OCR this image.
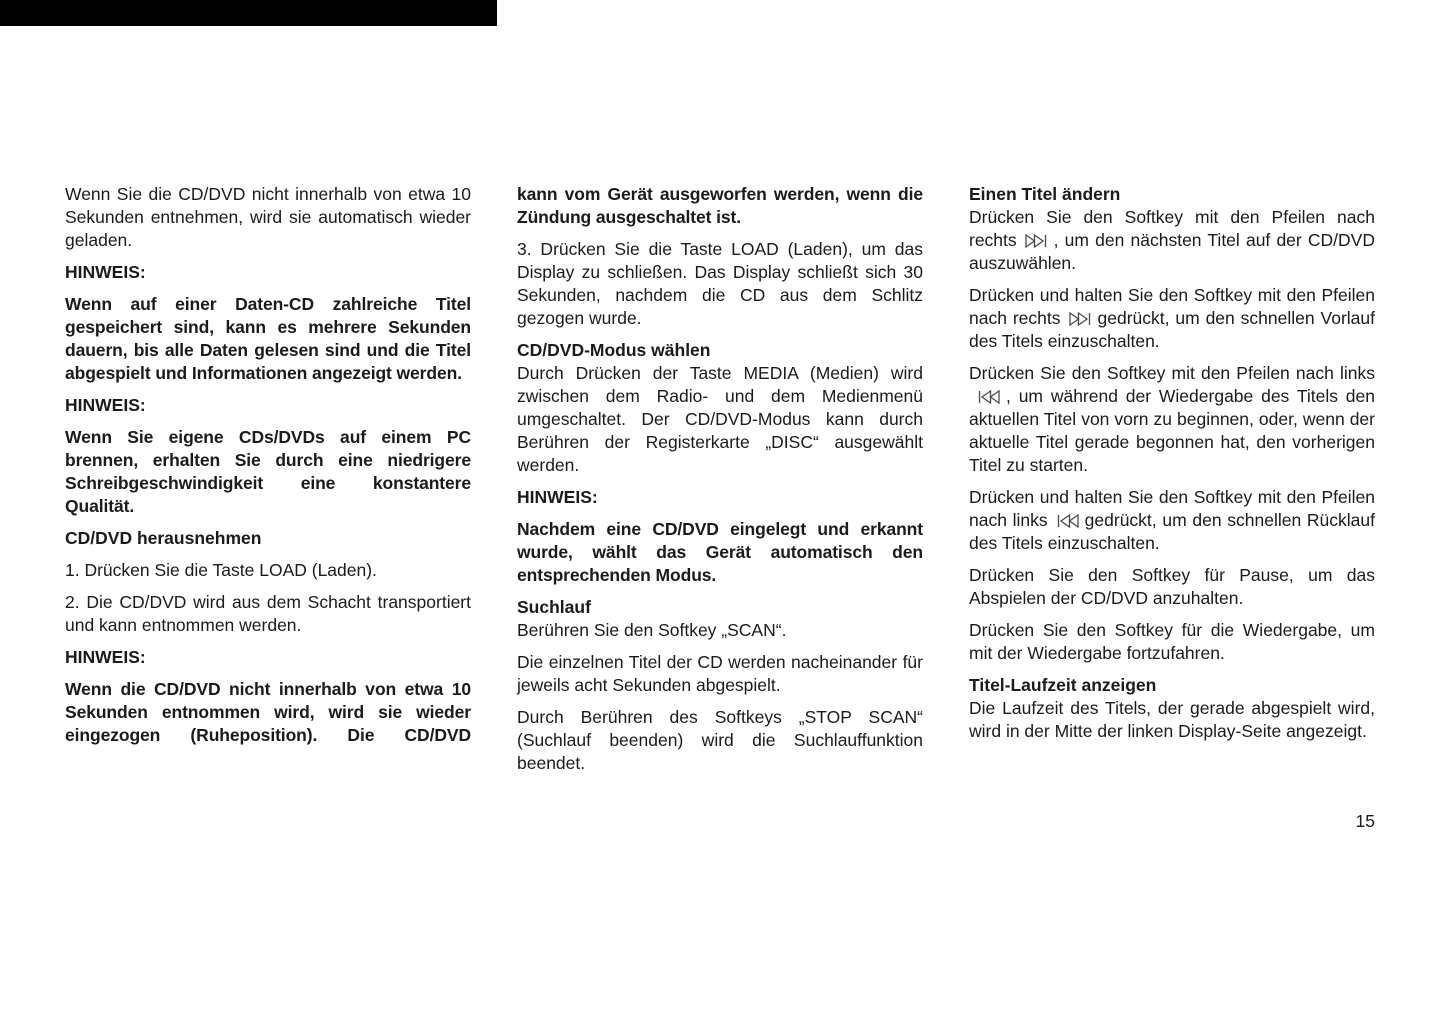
Wenn Sie die CD/DVD nicht innerhalb von etwa 10 Sekunden entnehmen, wird sie automatisch wieder geladen.

HINWEIS:

Wenn auf einer Daten-CD zahlreiche Titel gespeichert sind, kann es mehrere Sekunden dauern, bis alle Daten gelesen sind und die Titel abgespielt und Informationen angezeigt werden.

HINWEIS:

Wenn Sie eigene CDs/DVDs auf einem PC brennen, erhalten Sie durch eine niedrigere Schreibgeschwindigkeit eine konstantere Qualität.

CD/DVD herausnehmen

1. Drücken Sie die Taste LOAD (Laden).

2. Die CD/DVD wird aus dem Schacht transportiert und kann entnommen werden.

HINWEIS:

Wenn die CD/DVD nicht innerhalb von etwa 10 Sekunden entnommen wird, wird sie wieder eingezogen (Ruheposition). Die CD/DVD

kann vom Gerät ausgeworfen werden, wenn die Zündung ausgeschaltet ist.

3. Drücken Sie die Taste LOAD (Laden), um das Display zu schließen. Das Display schließt sich 30 Sekunden, nachdem die CD aus dem Schlitz gezogen wurde.

CD/DVD-Modus wählen

Durch Drücken der Taste MEDIA (Medien) wird zwischen dem Radio- und dem Medienmenü umgeschaltet. Der CD/DVD-Modus kann durch Berühren der Registerkarte „DISC“ ausgewählt werden.

HINWEIS:

Nachdem eine CD/DVD eingelegt und erkannt wurde, wählt das Gerät automatisch den entsprechenden Modus.

Suchlauf

Berühren Sie den Softkey „SCAN“.

Die einzelnen Titel der CD werden nacheinander für jeweils acht Sekunden abgespielt.

Durch Berühren des Softkeys „STOP SCAN“ (Suchlauf beenden) wird die Suchlauffunktion beendet.

Einen Titel ändern

Drücken Sie den Softkey mit den Pfeilen nach rechts , um den nächsten Titel auf der CD/DVD auszuwählen.

Drücken und halten Sie den Softkey mit den Pfeilen nach rechts gedrückt, um den schnellen Vorlauf des Titels einzuschalten.

Drücken Sie den Softkey mit den Pfeilen nach links, um während der Wiedergabe des Titels den aktuellen Titel von vorn zu beginnen, oder, wenn der aktuelle Titel gerade begonnen hat, den vorherigen Titel zu starten.

Drücken und halten Sie den Softkey mit den Pfeilen nach links gedrückt, um den schnellen Rücklauf des Titels einzuschalten.

Drücken Sie den Softkey für Pause, um das Abspielen der CD/DVD anzuhalten.

Drücken Sie den Softkey für die Wiedergabe, um mit der Wiedergabe fortzufahren.

Titel-Laufzeit anzeigen

Die Laufzeit des Titels, der gerade abgespielt wird, wird in der Mitte der linken Display-Seite angezeigt.

15
